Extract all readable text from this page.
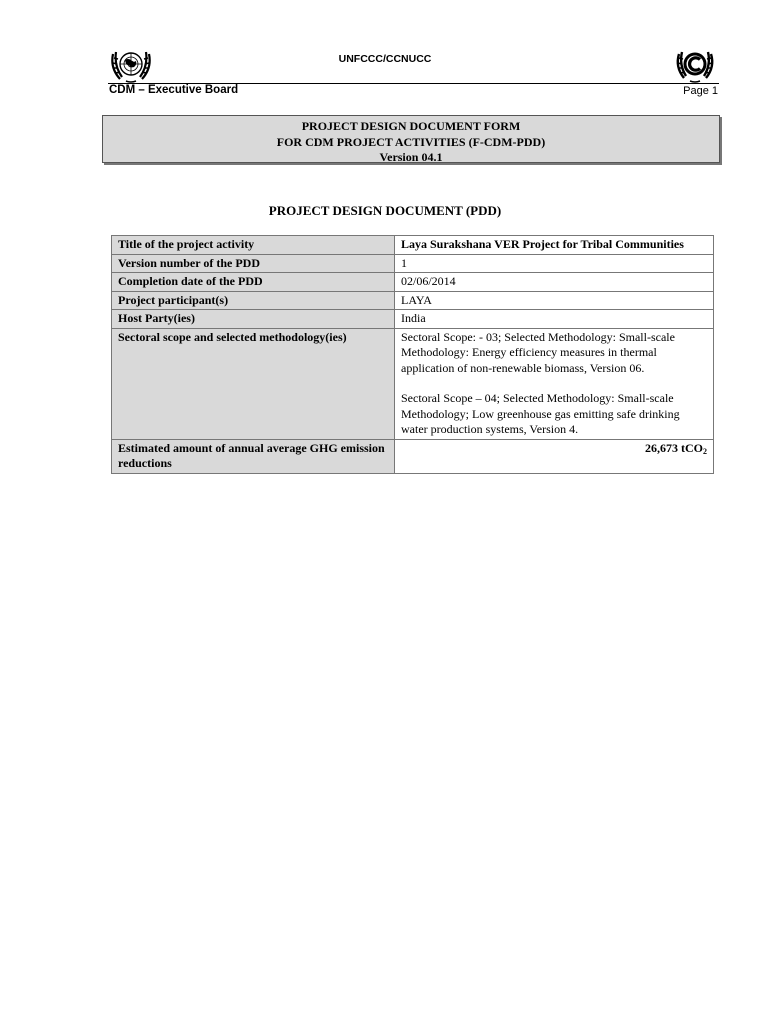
UNFCCC/CCNUCC
CDM – Executive Board	Page 1
PROJECT DESIGN DOCUMENT FORM
FOR CDM PROJECT ACTIVITIES (F-CDM-PDD)
Version 04.1
PROJECT DESIGN DOCUMENT (PDD)
Title of the project activity	Laya Surakshana VER Project for Tribal Communities
Version number of the PDD	1
Completion date of the PDD	02/06/2014
Project participant(s)	LAYA
Host Party(ies)	India
Sectoral scope and selected methodology(ies)	Sectoral Scope: - 03; Selected Methodology: Small-scale Methodology: Energy efficiency measures in thermal application of non-renewable biomass, Version 06.
Sectoral Scope – 04; Selected Methodology: Small-scale Methodology; Low greenhouse gas emitting safe drinking water production systems, Version 4.

Estimated amount of annual average GHG emission reductions	26,673 tCO$_2$
